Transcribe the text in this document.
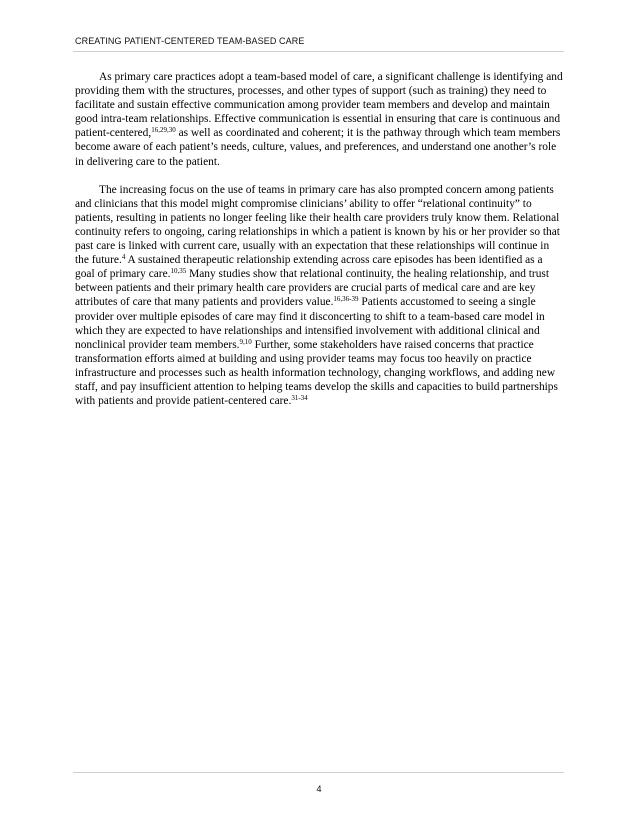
CREATING PATIENT-CENTERED TEAM-BASED CARE

As primary care practices adopt a team-based model of care, a significant challenge is identifying and providing them with the structures, processes, and other types of support (such as training) they need to facilitate and sustain effective communication among provider team members and develop and maintain good intra-team relationships. Effective communication is essential in ensuring that care is continuous and patient-centered,$^{16,29,30}$ as well as coordinated and coherent; it is the pathway through which team members become aware of each patient’s needs, culture, values, and preferences, and understand one another’s role in delivering care to the patient.

The increasing focus on the use of teams in primary care has also prompted concern among patients and clinicians that this model might compromise clinicians’ ability to offer “relational continuity” to patients, resulting in patients no longer feeling like their health care providers truly know them. Relational continuity refers to ongoing, caring relationships in which a patient is known by his or her provider so that past care is linked with current care, usually with an expectation that these relationships will continue in the future.$^4$ A sustained therapeutic relationship extending across care episodes has been identified as a goal of primary care.$^{10,35}$ Many studies show that relational continuity, the healing relationship, and trust between patients and their primary health care providers are crucial parts of medical care and are key attributes of care that many patients and providers value.$^{16,36-39}$ Patients accustomed to seeing a single provider over multiple episodes of care may find it disconcerting to shift to a team-based care model in which they are expected to have relationships and intensified involvement with additional clinical and nonclinical provider team members.$^{9,10}$ Further, some stakeholders have raised concerns that practice transformation efforts aimed at building and using provider teams may focus too heavily on practice infrastructure and processes such as health information technology, changing workflows, and adding new staff, and pay insufficient attention to helping teams develop the skills and capacities to build partnerships with patients and provide patient-centered care.$^{31-34}$

4
